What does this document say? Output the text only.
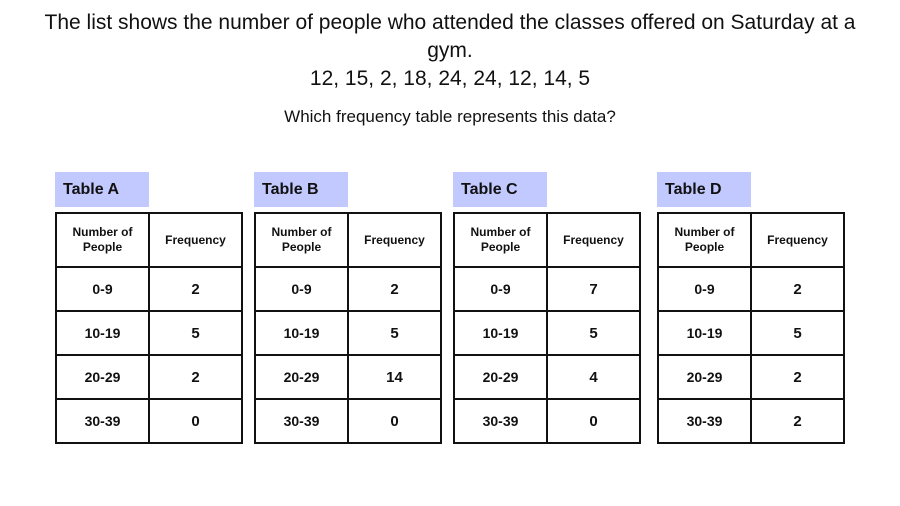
The list shows the number of people who attended the classes offered on Saturday at a
gym.
12, 15, 2, 18, 24, 24, 12, 14, 5
Which frequency table represents this data?
Table A
Number of
People	Frequency
0-9	2
10-19	5
20-29	2
30-39	0
Table B
Number of
People	Frequency
0-9	2
10-19	5
20-29	14
30-39	0
Table C
Number of
People	Frequency
0-9	7
10-19	5
20-29	4
30-39	0
Table D
Number of
People	Frequency
0-9	2
10-19	5
20-29	2
30-39	2
